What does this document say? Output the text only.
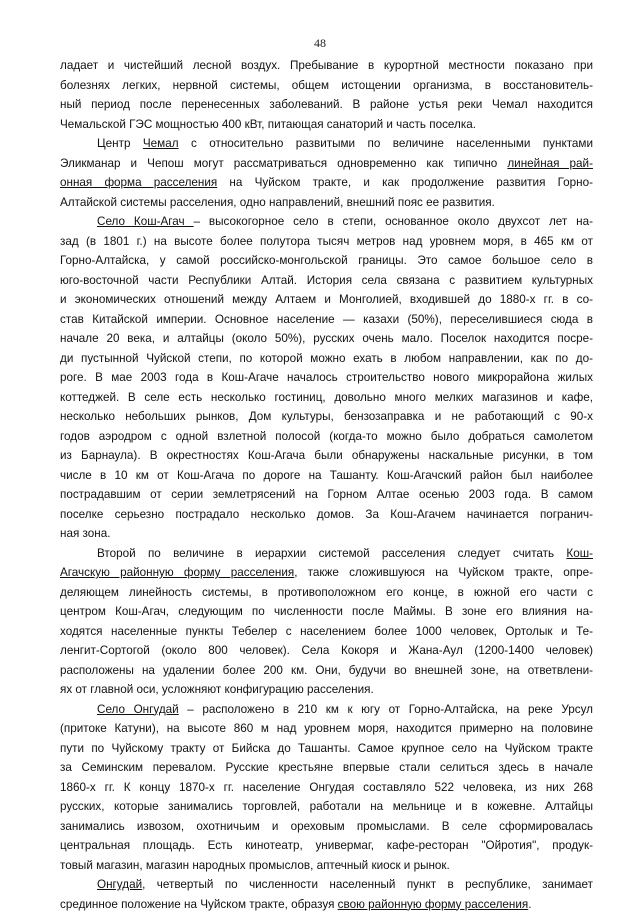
48
ладает и чистейший лесной воздух. Пребывание в курортной местности показано при
болезнях легких, нервной системы, общем истощении организма, в восстановитель-
ный период после перенесенных заболеваний. В районе устья реки Чемал находится
Чемальской ГЭС мощностью 400 кВт, питающая санаторий и часть поселка.
Центр Чемал с относительно развитыми по величине населенными пунктами
Эликманар и Чепош могут рассматриваться одновременно как типично линейная рай-
онная форма расселения на Чуйском тракте, и как продолжение развития Горно-
Алтайской системы расселения, одно направлений, внешний пояс ее развития.
Село Кош-Агач – высокогорное село в степи, основанное около двухсот лет на-
зад (в 1801 г.) на высоте более полутора тысяч метров над уровнем моря, в 465 км от
Горно-Алтайска, у самой российско-монгольской границы. Это самое большое село в
юго-восточной части Республики Алтай. История села связана с развитием культурных
и экономических отношений между Алтаем и Монголией, входившей до 1880-х гг. в со-
став Китайской империи. Основное население — казахи (50%), переселившиеся сюда в
начале 20 века, и алтайцы (около 50%), русских очень мало. Поселок находится посре-
ди пустынной Чуйской степи, по которой можно ехать в любом направлении, как по до-
роге. В мае 2003 года в Кош-Агаче началось строительство нового микрорайона жилых
коттеджей. В селе есть несколько гостиниц, довольно много мелких магазинов и кафе,
несколько небольших рынков, Дом культуры, бензозаправка и не работающий с 90-х
годов аэродром с одной взлетной полосой (когда-то можно было добраться самолетом
из Барнаула). В окрестностях Кош-Агача были обнаружены наскальные рисунки, в том
числе в 10 км от Кош-Агача по дороге на Ташанту. Кош-Агачский район был наиболее
пострадавшим от серии землетрясений на Горном Алтае осенью 2003 года. В самом
поселке серьезно пострадало несколько домов. За Кош-Агачем начинается погранич-
ная зона.
Второй по величине в иерархии системой расселения следует считать Кош-
Агачскую районную форму расселения, также сложившуюся на Чуйском тракте, опре-
деляющем линейность системы, в противоположном его конце, в южной его части с
центром Кош-Агач, следующим по численности после Маймы. В зоне его влияния на-
ходятся населенные пункты Тебелер с населением более 1000 человек, Ортолык и Те-
ленгит-Сортогой (около 800 человек). Села Кокоря и Жана-Аул (1200-1400 человек)
расположены на удалении более 200 км. Они, будучи во внешней зоне, на ответвлени-
ях от главной оси, усложняют конфигурацию расселения.
Село Онгудай – расположено в 210 км к югу от Горно-Алтайска, на реке Урсул
(притоке Катуни), на высоте 860 м над уровнем моря, находится примерно на половине
пути по Чуйскому тракту от Бийска до Ташанты. Самое крупное село на Чуйском тракте
за Семинским перевалом. Русские крестьяне впервые стали селиться здесь в начале
1860-х гг. К концу 1870-х гг. население Онгудая составляло 522 человека, из них 268
русских, которые занимались торговлей, работали на мельнице и в кожевне. Алтайцы
занимались извозом, охотничьим и ореховым промыслами. В селе сформировалась
центральная площадь. Есть кинотеатр, универмаг, кафе-ресторан "Ойротия", продук-
товый магазин, магазин народных промыслов, аптечный киоск и рынок.
Онгудай, четвертый по численности населенный пункт в республике, занимает
срединное положение на Чуйском тракте, образуя свою районную форму расселения.
